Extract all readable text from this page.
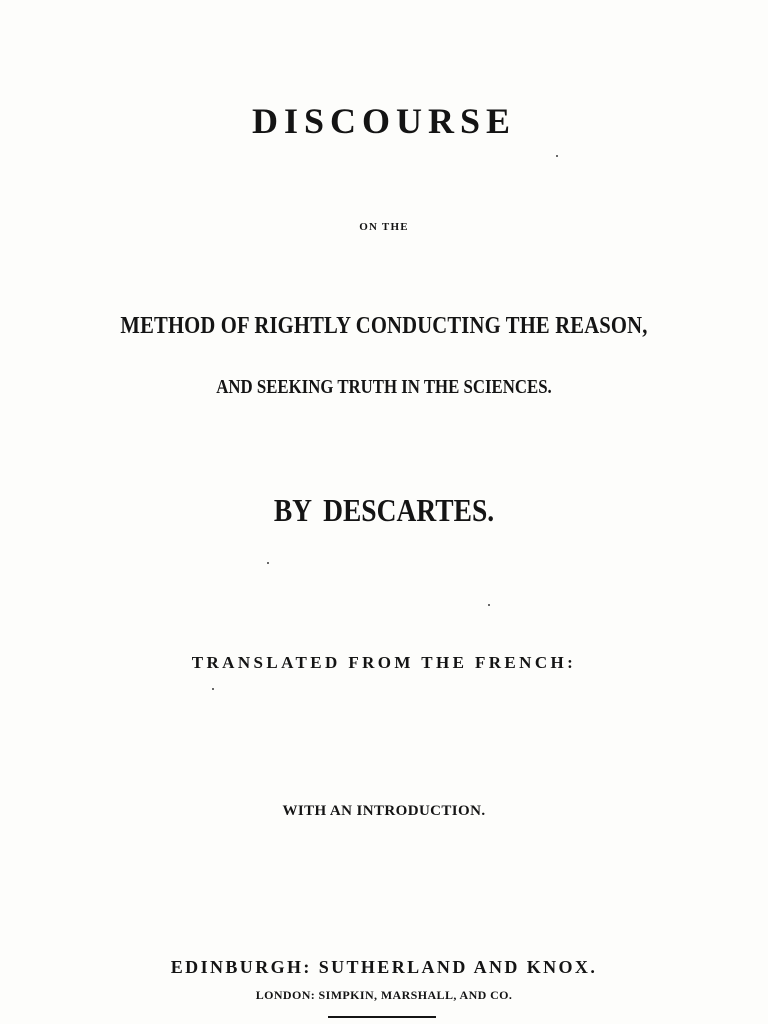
DISCOURSE
ON THE
METHOD OF RIGHTLY CONDUCTING THE REASON,
AND SEEKING TRUTH IN THE SCIENCES.
BY DESCARTES.
TRANSLATED FROM THE FRENCH:
WITH AN INTRODUCTION.
EDINBURGH: SUTHERLAND AND KNOX.
LONDON: SIMPKIN, MARSHALL, AND CO.
